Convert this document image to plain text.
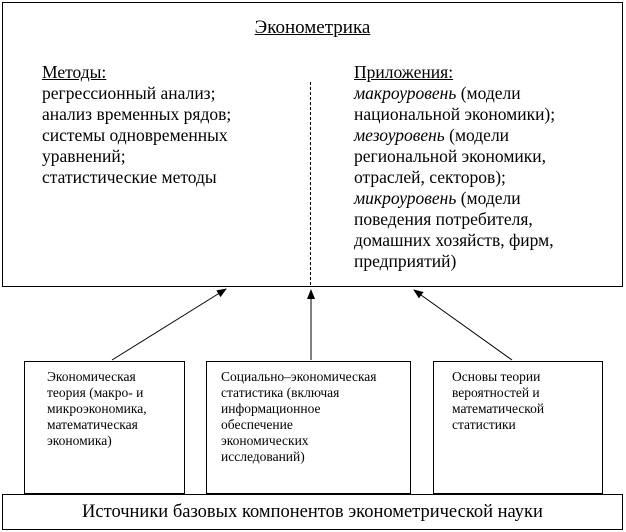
Эконометрика
Методы:
регрессионный анализ;
анализ временных рядов;
системы одновременных
уравнений;
статистические методы
Приложения:
макроуровень (модели
национальной экономики);
мезоуровень (модели
региональной экономики,
отраслей, секторов);
микроуровень (модели
поведения потребителя,
домашних хозяйств, фирм,
предприятий)
Экономическая
теория (макро- и
микроэкономика,
математическая
экономика)
Социально–экономическая
статистика (включая
информационное
обеспечение
экономических
исследований)
Основы теории
вероятностей и
математической
статистики
Источники базовых компонентов эконометрической науки
